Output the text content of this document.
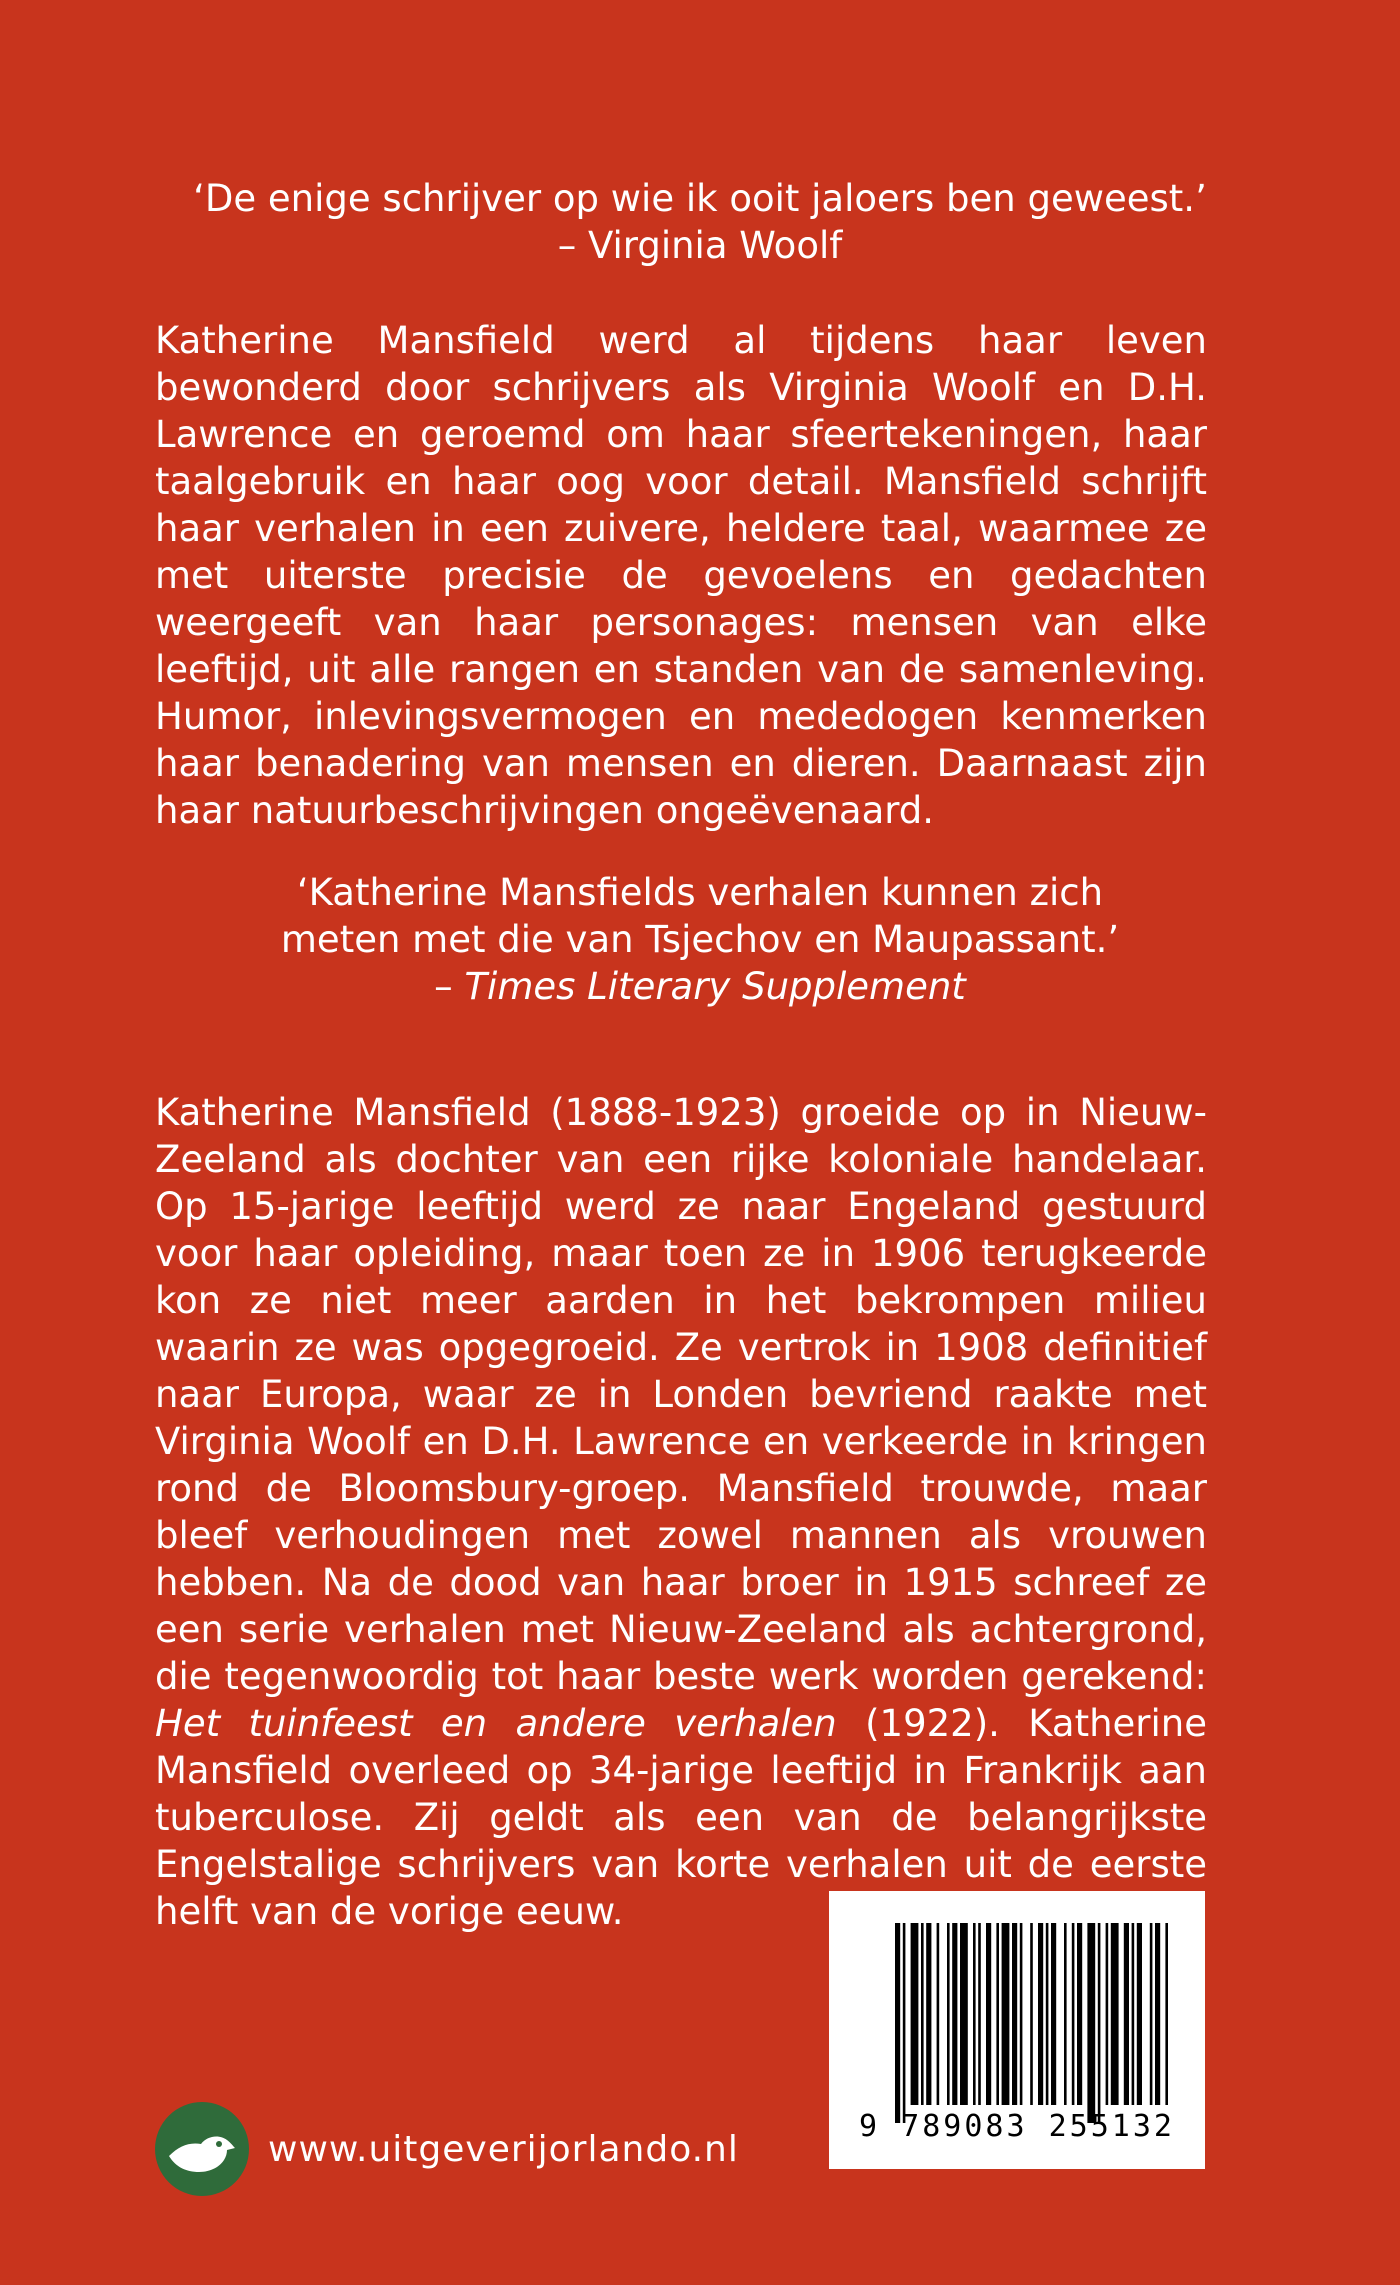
‘De enige schrijver op wie ik ooit jaloers ben geweest.’

– Virginia Woolf

Katherine Mansfield werd al tijdens haar leven bewonderd door schrijvers als Virginia Woolf en D.H. Lawrence en geroemd om haar sfeertekeningen, haar taalgebruik en haar oog voor detail. Mansfield schrijft haar verhalen in een zuivere, heldere taal, waarmee ze met uiterste precisie de gevoelens en gedachten weergeeft van haar personages: mensen van elke leeftijd, uit alle rangen en standen van de samenleving. Humor, inlevingsvermogen en mededogen kenmerken haar benadering van mensen en dieren. Daarnaast zijn haar natuurbeschrijvingen ongeëvenaard.

‘Katherine Mansfields verhalen kunnen zich

meten met die van Tsjechov en Maupassant.’

– Times Literary Supplement

Katherine Mansfield (1888-1923) groeide op in Nieuw-Zeeland als dochter van een rijke koloniale handelaar. Op 15-jarige leeftijd werd ze naar Engeland gestuurd voor haar opleiding, maar toen ze in 1906 terugkeerde kon ze niet meer aarden in het bekrompen milieu waarin ze was opgegroeid. Ze vertrok in 1908 definitief naar Europa, waar ze in Londen bevriend raakte met Virginia Woolf en D.H. Lawrence en verkeerde in kringen rond de Bloomsbury-groep. Mansfield trouwde, maar bleef verhoudingen met zowel mannen als vrouwen hebben. Na de dood van haar broer in 1915 schreef ze een serie verhalen met Nieuw-Zeeland als achtergrond, die tegenwoordig tot haar beste werk worden gerekend: Het tuinfeest en andere verhalen (1922). Katherine Mansfield overleed op 34-jarige leeftijd in Frankrijk aan tuberculose. Zij geldt als een van de belangrijkste Engelstalige schrijvers van korte verhalen uit de eerste helft van de vorige eeuw.

9 789083 255132
www.uitgeverijorlando.nl
